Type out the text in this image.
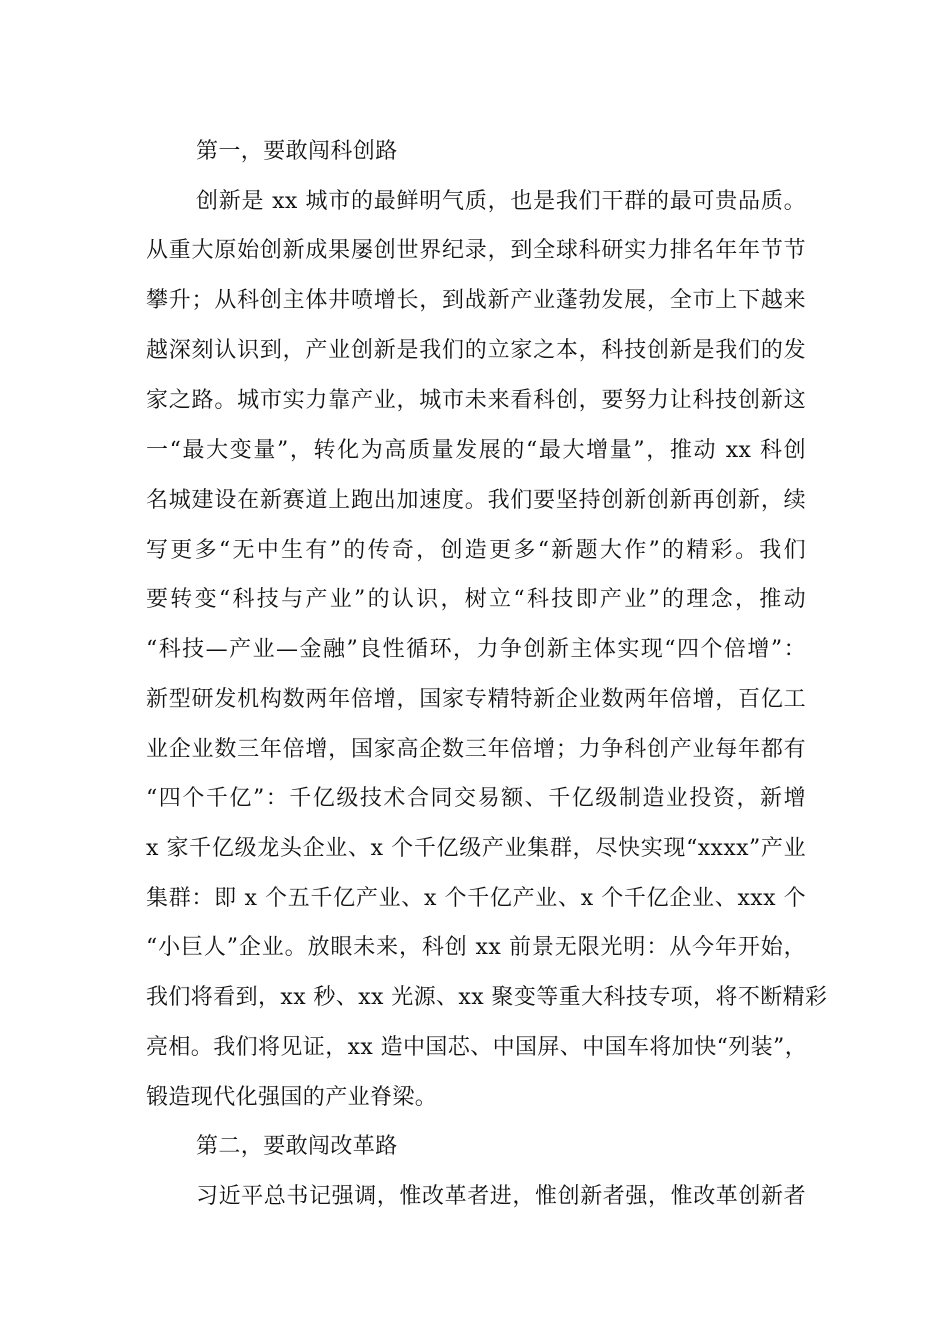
第一，要敢闯科创路
创新是 xx 城市的最鲜明气质，也是我们干群的最可贵品质。
从重大原始创新成果屡创世界纪录，到全球科研实力排名年年节节
攀升；从科创主体井喷增长，到战新产业蓬勃发展，全市上下越来
越深刻认识到，产业创新是我们的立家之本，科技创新是我们的发
家之路。城市实力靠产业，城市未来看科创，要努力让科技创新这
一“最大变量”，转化为高质量发展的“最大增量”，推动 xx 科创
名城建设在新赛道上跑出加速度。我们要坚持创新创新再创新，续
写更多“无中生有”的传奇，创造更多“新题大作”的精彩。我们
要转变“科技与产业”的认识，树立“科技即产业”的理念，推动
“科技—产业—金融”良性循环，力争创新主体实现“四个倍增”：
新型研发机构数两年倍增，国家专精特新企业数两年倍增，百亿工
业企业数三年倍增，国家高企数三年倍增；力争科创产业每年都有
“四个千亿”：千亿级技术合同交易额、千亿级制造业投资，新增
x 家千亿级龙头企业、x 个千亿级产业集群，尽快实现“xxxx”产业
集群：即 x 个五千亿产业、x 个千亿产业、x 个千亿企业、xxx 个
“小巨人”企业。放眼未来，科创 xx 前景无限光明：从今年开始，
我们将看到，xx 秒、xx 光源、xx 聚变等重大科技专项，将不断精彩
亮相。我们将见证，xx 造中国芯、中国屏、中国车将加快“列装”，
锻造现代化强国的产业脊梁。
第二，要敢闯改革路
习近平总书记强调，惟改革者进，惟创新者强，惟改革创新者
